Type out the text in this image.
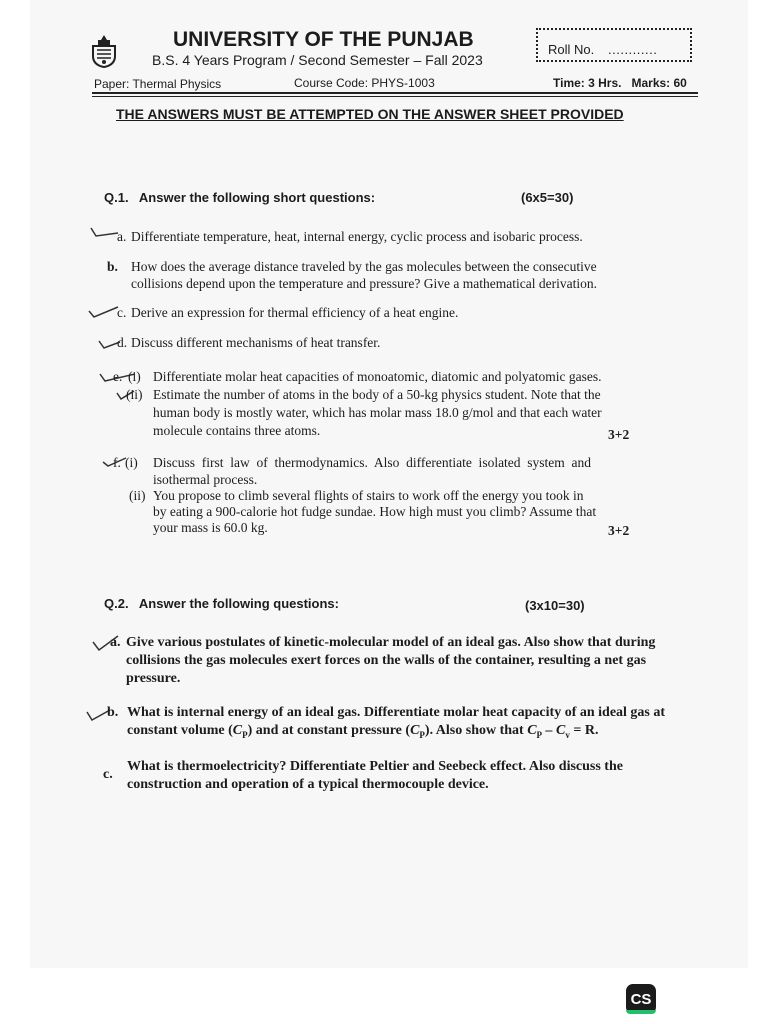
UNIVERSITY OF THE PUNJAB
B.S. 4 Years Program / Second Semester – Fall 2023
Roll No. ............
Paper: Thermal Physics	Course Code: PHYS-1003	Time: 3 Hrs.   Marks: 60
THE ANSWERS MUST BE ATTEMPTED ON THE ANSWER SHEET PROVIDED
Q.1.   Answer the following short questions:	(6x5=30)
a. Differentiate temperature, heat, internal energy, cyclic process and isobaric process.
b. How does the average distance traveled by the gas molecules between the consecutive
collisions depend upon the temperature and pressure? Give a mathematical derivation.
c. Derive an expression for thermal efficiency of a heat engine.
d. Discuss different mechanisms of heat transfer.
e. (i) Differentiate molar heat capacities of monoatomic, diatomic and polyatomic gases.
(ii) Estimate the number of atoms in the body of a 50-kg physics student. Note that the
human body is mostly water, which has molar mass 18.0 g/mol and that each water
molecule contains three atoms.	3+2
f. (i) Discuss  first  law  of  thermodynamics.  Also  differentiate  isolated  system  and
isothermal process.
(ii) You propose to climb several flights of stairs to work off the energy you took in
by eating a 900-calorie hot fudge sundae. How high must you climb? Assume that
your mass is 60.0 kg.	3+2
Q.2.   Answer the following questions:	(3x10=30)
a. Give various postulates of kinetic-molecular model of an ideal gas. Also show that during
collisions the gas molecules exert forces on the walls of the container, resulting a net gas
pressure.
b. What is internal energy of an ideal gas. Differentiate molar heat capacity of an ideal gas at
constant volume $(C_P)$ and at constant pressure $(C_P)$. Also show that $C_P - C_v = R$.
c.
What is thermoelectricity? Differentiate Peltier and Seebeck effect. Also discuss the
construction and operation of a typical thermocouple device.
CS
